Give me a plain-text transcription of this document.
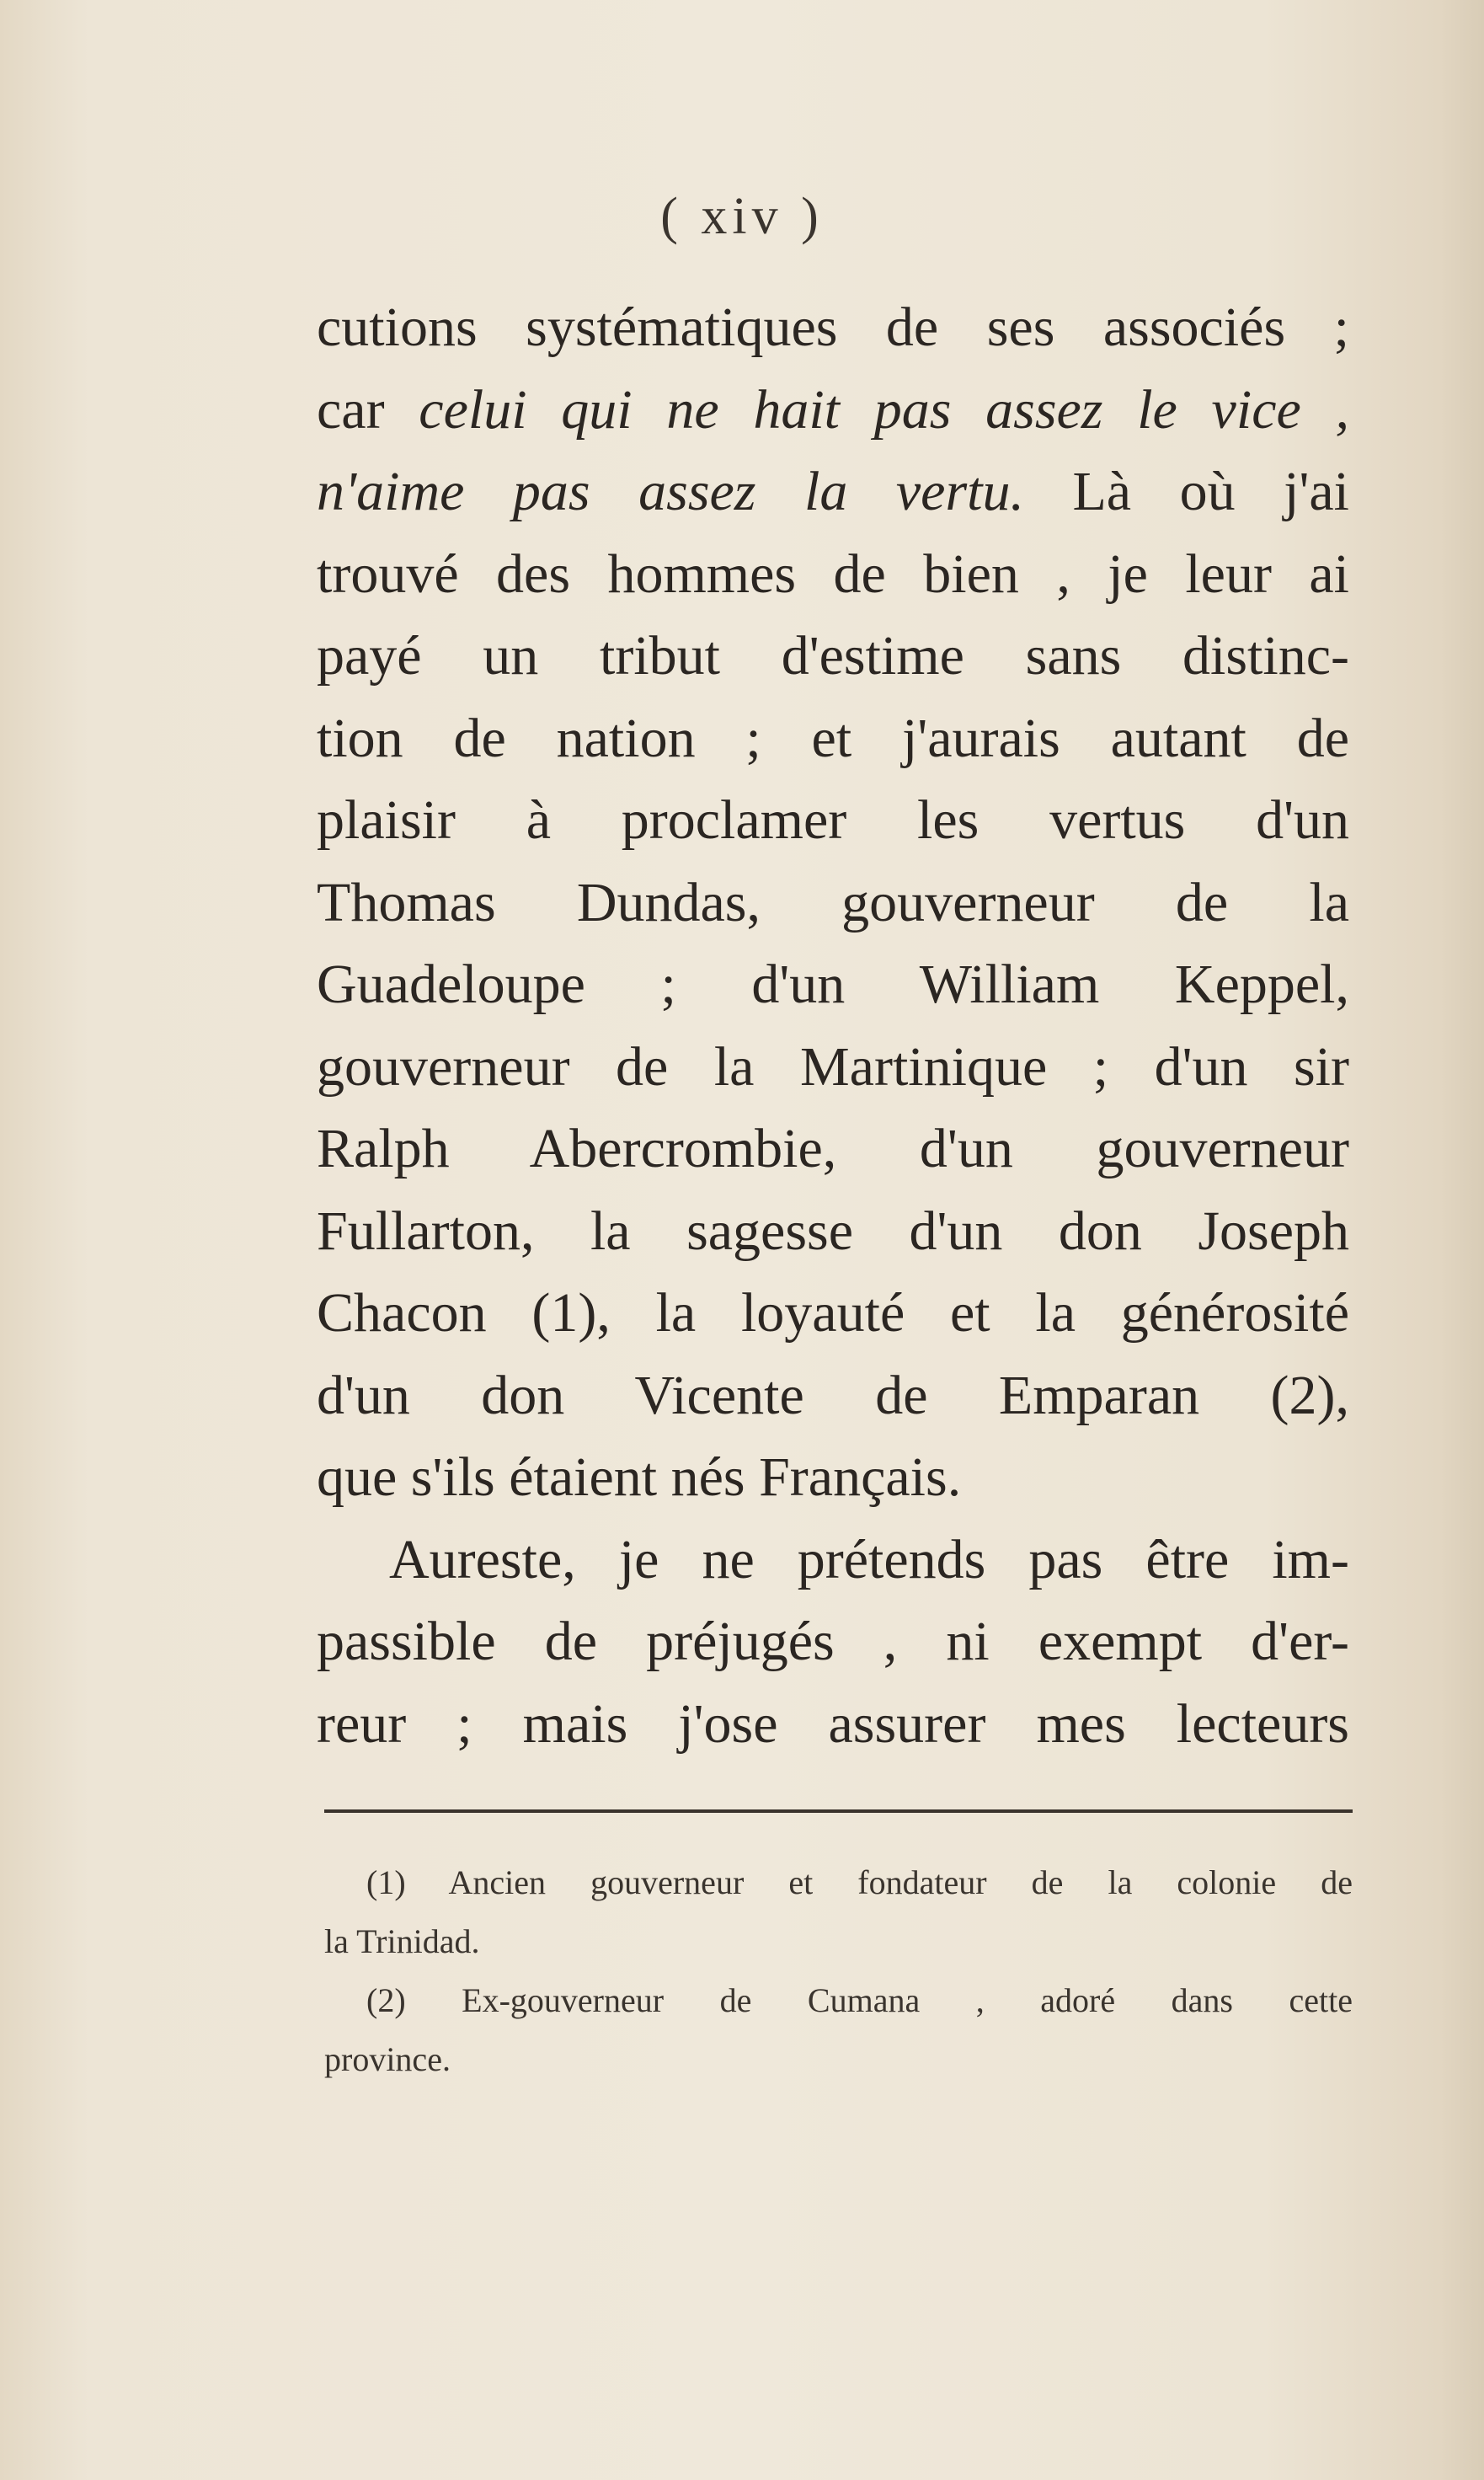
( xiv )
cutions systématiques de ses associés ;
car celui qui ne hait pas assez le vice ,
n'aime pas assez la vertu. Là où j'ai
trouvé des hommes de bien , je leur ai
payé un tribut d'estime sans distinc-
tion de nation ; et j'aurais autant de
plaisir à proclamer les vertus d'un
Thomas Dundas, gouverneur de la
Guadeloupe ; d'un William Keppel,
gouverneur de la Martinique ; d'un sir
Ralph Abercrombie, d'un gouverneur
Fullarton, la sagesse d'un don Joseph
Chacon (1), la loyauté et la générosité
d'un don Vicente de Emparan (2),
que s'ils étaient nés Français.
Aureste, je ne prétends pas être im-
passible de préjugés , ni exempt d'er-
reur ; mais j'ose assurer mes lecteurs
(1) Ancien gouverneur et fondateur de la colonie de
la Trinidad.
(2) Ex-gouverneur de Cumana , adoré dans cette
province.
